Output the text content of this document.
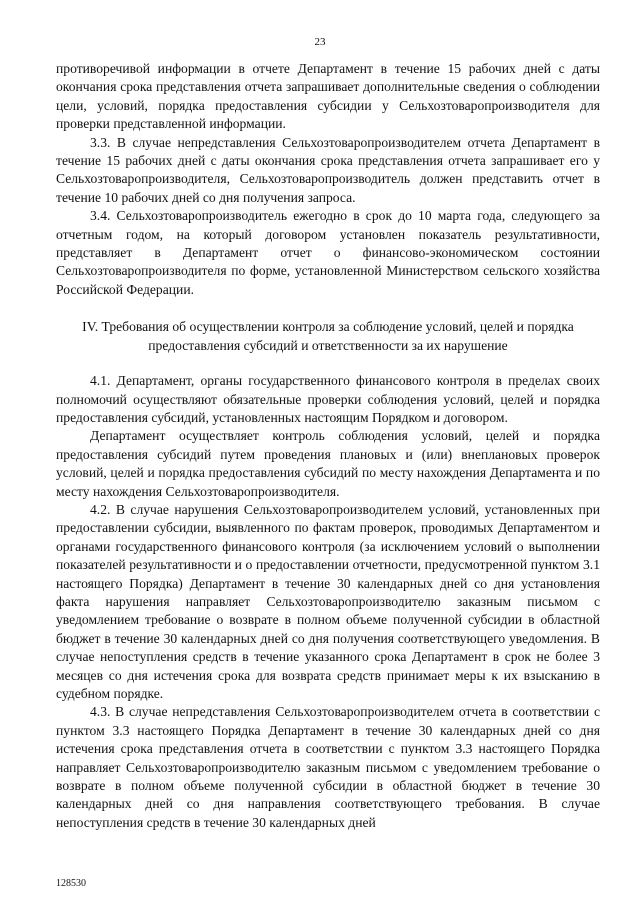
23

противоречивой информации в отчете Департамент в течение 15 рабочих дней с даты окончания срока представления отчета запрашивает дополнительные сведения о соблюдении цели, условий, порядка предоставления субсидии у Сельхозтоваропроизводителя для проверки представленной информации.

3.3. В случае непредставления Сельхозтоваропроизводителем отчета Департамент в течение 15 рабочих дней с даты окончания срока представления отчета запрашивает его у Сельхозтоваропроизводителя, Сельхозтоваропроизводитель должен представить отчет в течение 10 рабочих дней со дня получения запроса.

3.4. Сельхозтоваропроизводитель ежегодно в срок до 10 марта года, следующего за отчетным годом, на который договором установлен показатель результативности, представляет в Департамент отчет о финансово-экономическом состоянии Сельхозтоваропроизводителя по форме, установленной Министерством сельского хозяйства Российской Федерации.

IV. Требования об осуществлении контроля за соблюдение условий, целей и порядка предоставления субсидий и ответственности за их нарушение

4.1. Департамент, органы государственного финансового контроля в пределах своих полномочий осуществляют обязательные проверки соблюдения условий, целей и порядка предоставления субсидий, установленных настоящим Порядком и договором.

Департамент осуществляет контроль соблюдения условий, целей и порядка предоставления субсидий путем проведения плановых и (или) внеплановых проверок условий, целей и порядка предоставления субсидий по месту нахождения Департамента и по месту нахождения Сельхозтоваропроизводителя.

4.2. В случае нарушения Сельхозтоваропроизводителем условий, установленных при предоставлении субсидии, выявленного по фактам проверок, проводимых Департаментом и органами государственного финансового контроля (за исключением условий о выполнении показателей результативности и о предоставлении отчетности, предусмотренной пунктом 3.1 настоящего Порядка) Департамент в течение 30 календарных дней со дня установления факта нарушения направляет Сельхозтоваропроизводителю заказным письмом с уведомлением требование о возврате в полном объеме полученной субсидии в областной бюджет в течение 30 календарных дней со дня получения соответствующего уведомления. В случае непоступления средств в течение указанного срока Департамент в срок не более 3 месяцев со дня истечения срока для возврата средств принимает меры к их взысканию в судебном порядке.

4.3. В случае непредставления Сельхозтоваропроизводителем отчета в соответствии с пунктом 3.3 настоящего Порядка Департамент в течение 30 календарных дней со дня истечения срока представления отчета в соответствии с пунктом 3.3 настоящего Порядка направляет Сельхозтоваропроизводителю заказным письмом с уведомлением требование о возврате в полном объеме полученной субсидии в областной бюджет в течение 30 календарных дней со дня направления соответствующего требования. В случае непоступления средств в течение 30 календарных дней

128530
